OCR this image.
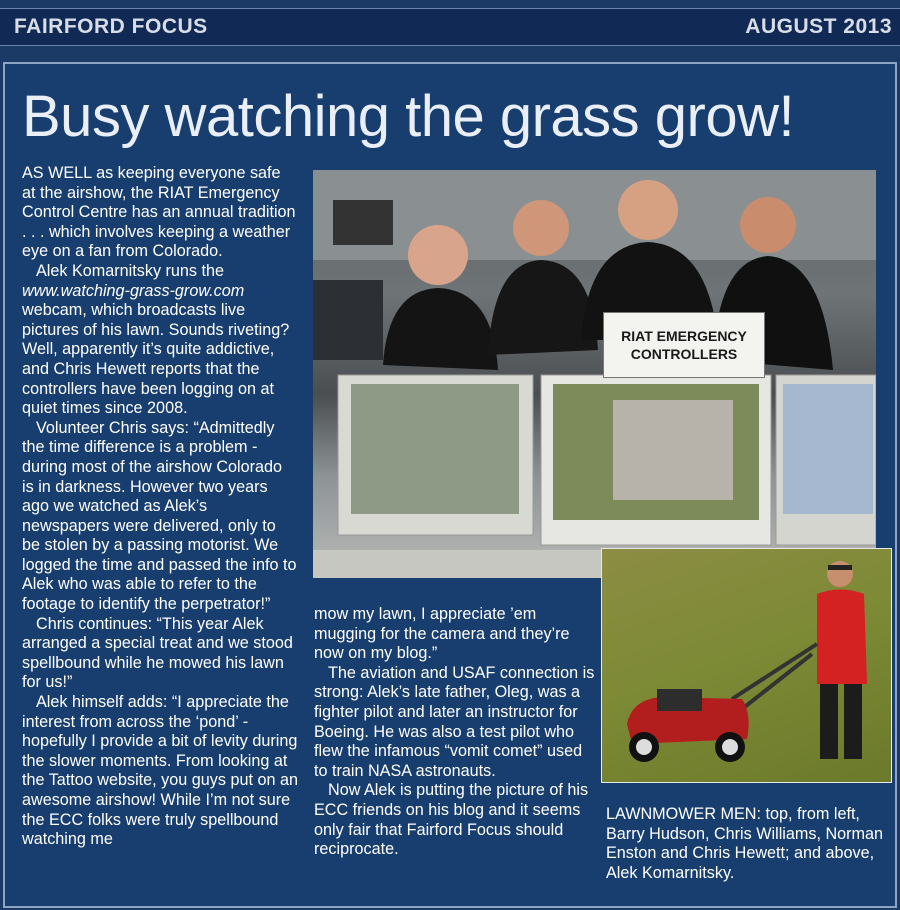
FAIRFORD FOCUS	AUGUST 2013
Busy watching the grass grow!

AS WELL as keeping everyone safe at the airshow, the RIAT Emergency Control Centre has an annual tradition . . . which involves keeping a weather eye on a fan from Colorado.

Alek Komarnitsky runs the www.watching-grass-grow.com webcam, which broadcasts live pictures of his lawn. Sounds riveting? Well, apparently it’s quite addictive, and Chris Hewett reports that the controllers have been logging on at quiet times since 2008.

Volunteer Chris says: “Admittedly the time difference is a problem - during most of the airshow Colorado is in darkness. However two years ago we watched as Alek’s newspapers were delivered, only to be stolen by a passing motorist. We logged the time and passed the info to Alek who was able to refer to the footage to identify the perpetrator!”

Chris continues: “This year Alek arranged a special treat and we stood spellbound while he mowed his lawn for us!”

Alek himself adds: “I appreciate the interest from across the ‘pond’ - hopefully I provide a bit of levity during the slower moments. From looking at the Tattoo website, you guys put on an awesome airshow! While I’m not sure the ECC folks were truly spellbound watching me

RIAT EMERGENCY
CONTROLLERS

mow my lawn, I appreciate ’em mugging for the camera and they’re now on my blog.”

The aviation and USAF connection is strong: Alek’s late father, Oleg, was a fighter pilot and later an instructor for Boeing. He was also a test pilot who flew the infamous “vomit comet” used to train NASA astronauts.

Now Alek is putting the picture of his ECC friends on his blog and it seems only fair that Fairford Focus should reciprocate.

LAWNMOWER MEN: top, from left, Barry Hudson, Chris Williams, Norman Enston and Chris Hewett; and above, Alek Komarnitsky.
